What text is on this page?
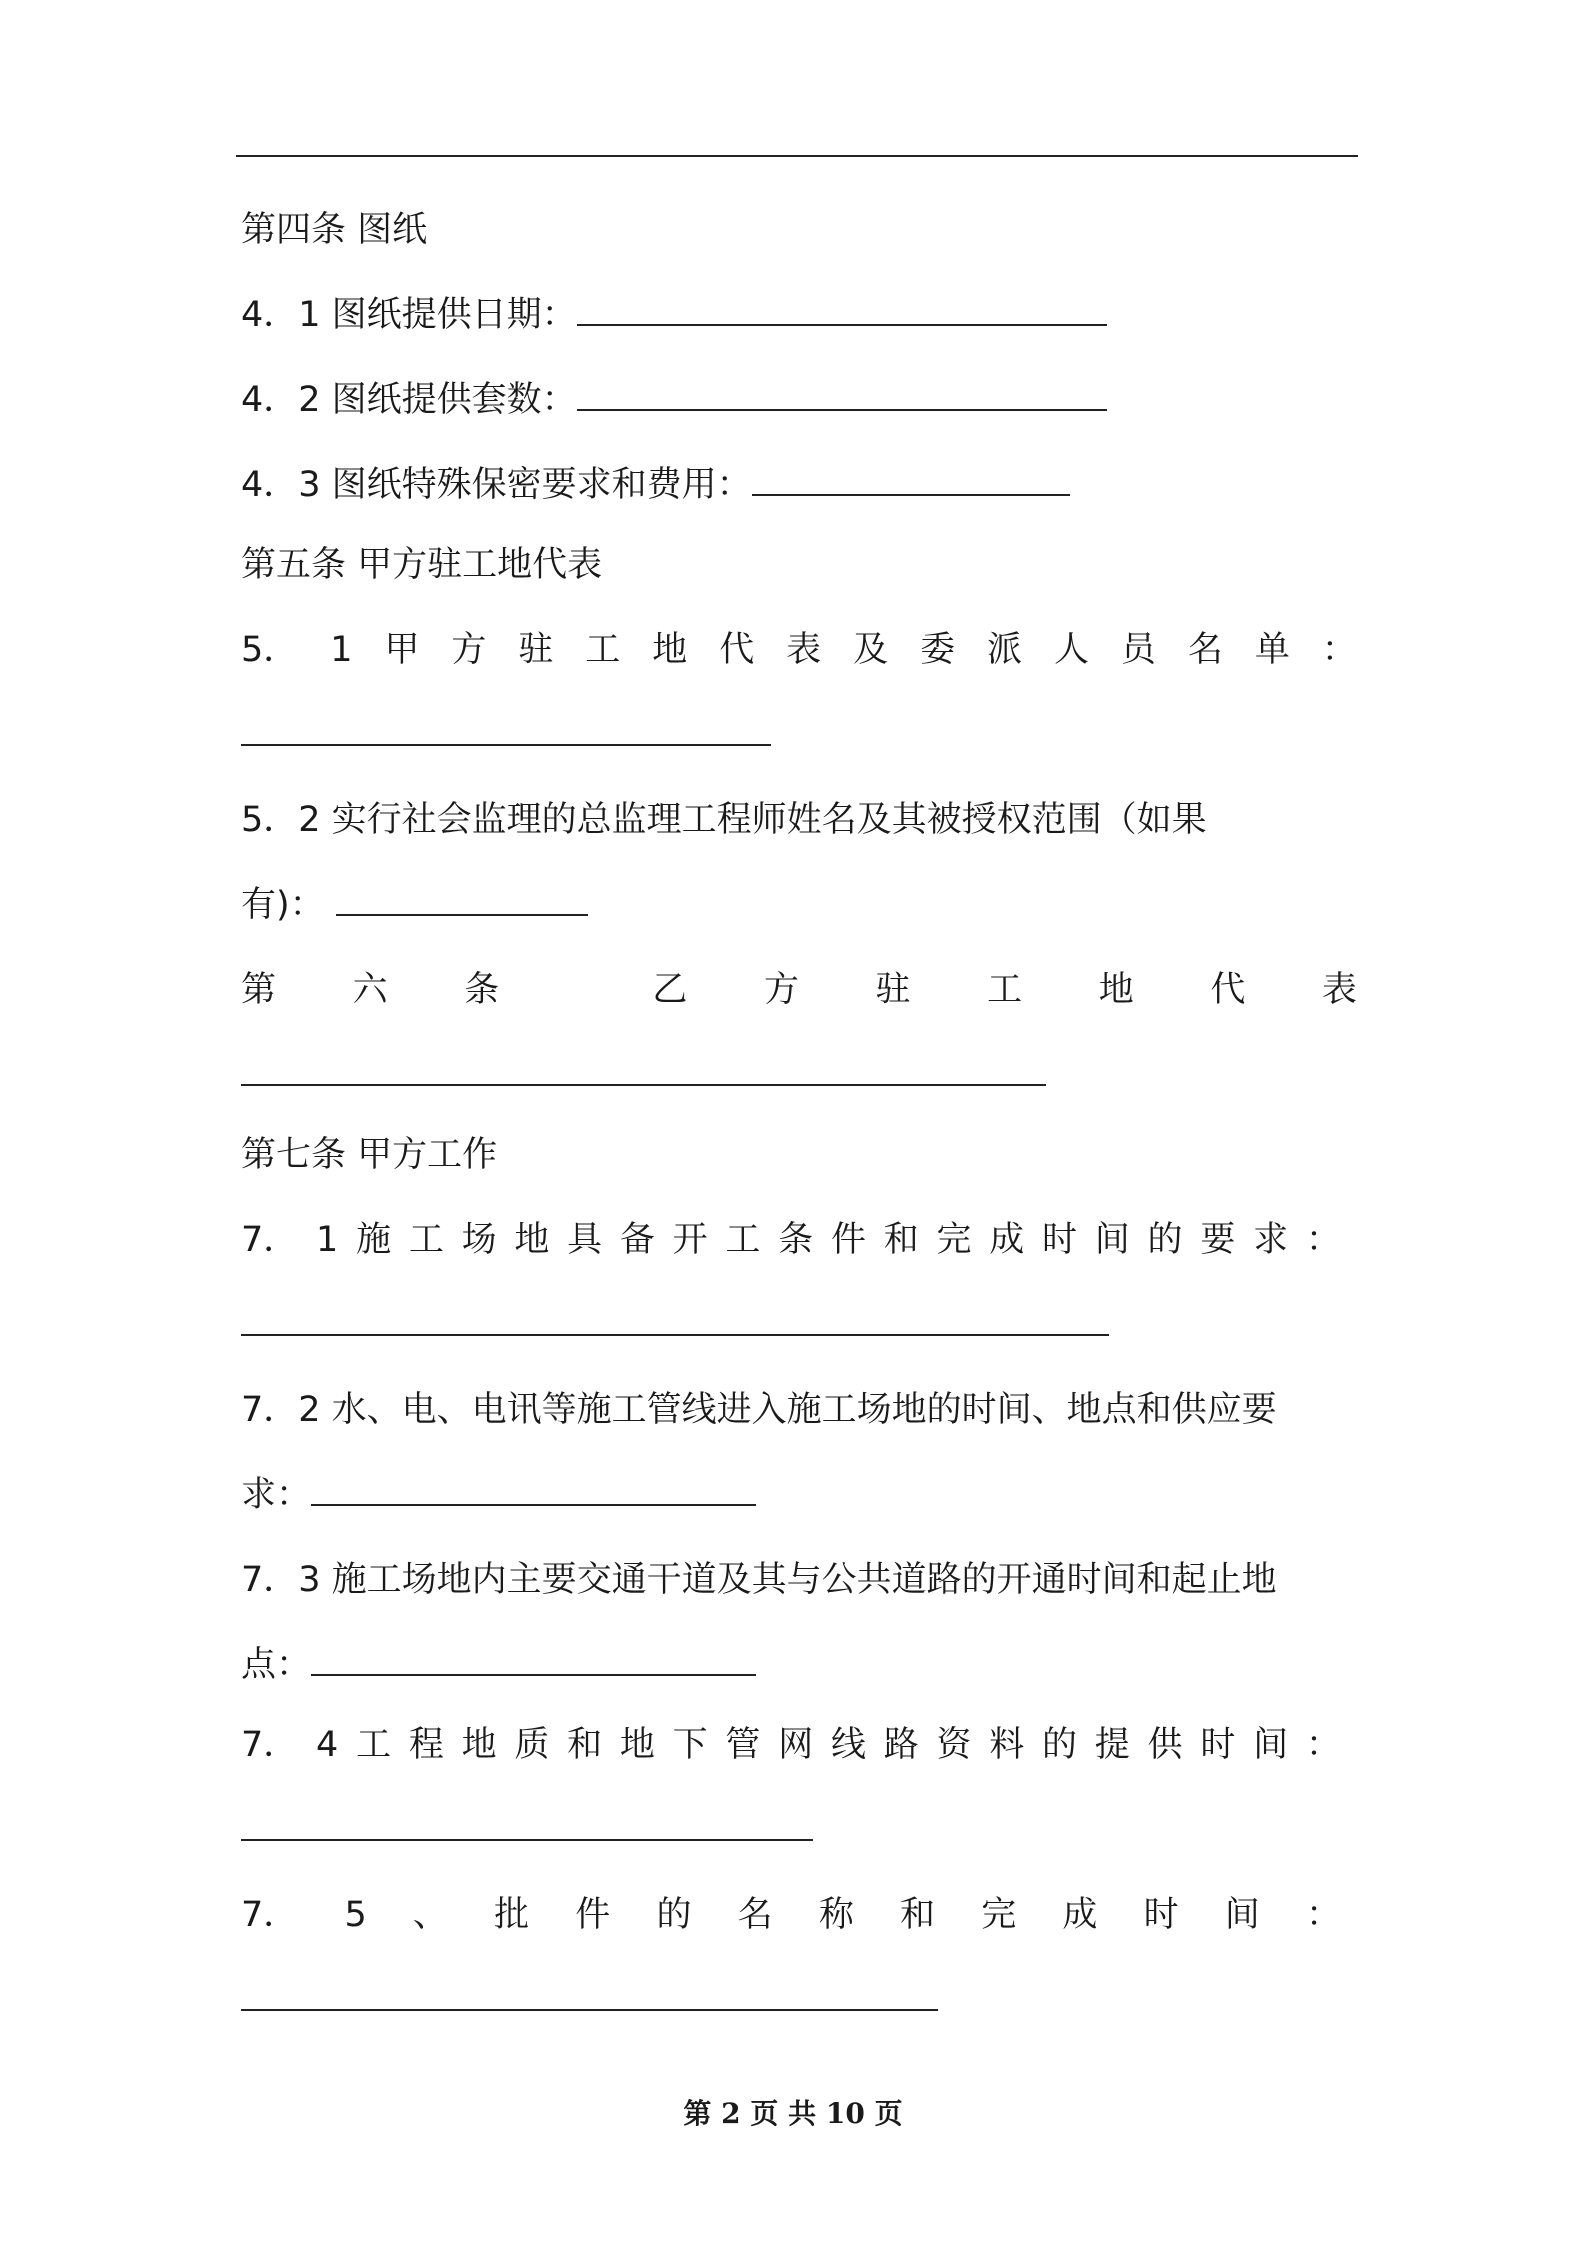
第四条 图纸
4．1 图纸提供日期：
4．2 图纸提供套数：
4．3 图纸特殊保密要求和费用：
第五条 甲方驻工地代表
5． 1 甲 方 驻 工 地 代 表 及 委 派 人 员 名 单 ：
5．2 实行社会监理的总监理工程师姓名及其被授权范围（如果
有)：
第 六 条	乙 方 驻 工 地 代 表
第七条 甲方工作
7． 1 施 工 场 地 具 备 开 工 条 件 和 完 成 时 间 的 要 求 ：
7．2 水、电、电讯等施工管线进入施工场地的时间、地点和供应要
求：
7．3 施工场地内主要交通干道及其与公共道路的开通时间和起止地
点：
7． 4 工 程 地 质 和 地 下 管 网 线 路 资 料 的 提 供 时 间 ：
7． 5 、 批 件 的 名 称 和 完 成 时 间 ：
第 2 页 共 10 页
